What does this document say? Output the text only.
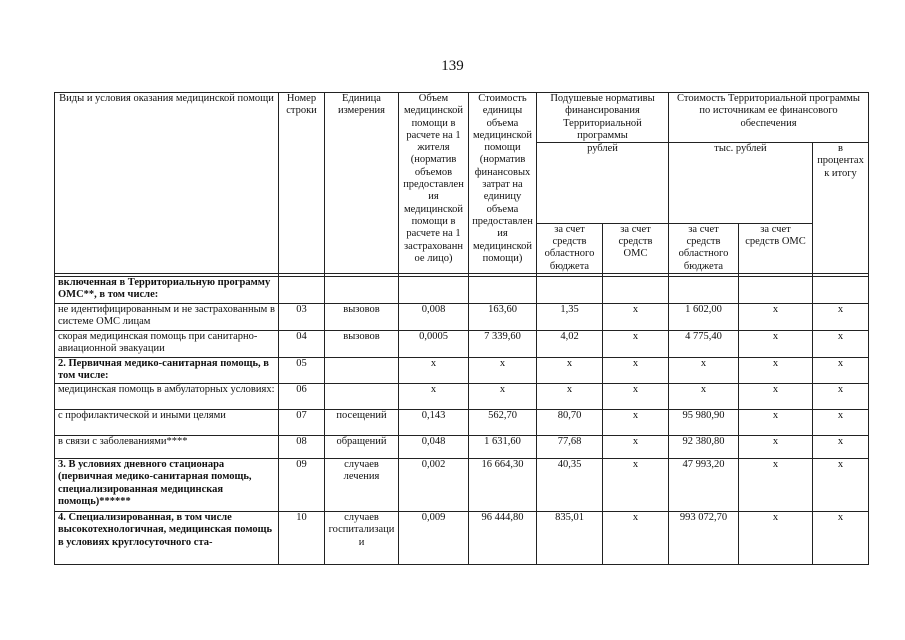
139
Виды и условия оказания медицинской помощи	Номер строки	Единица измерения	Объем медицинской помощи в расчете на 1 жителя (норматив объемов предоставления медицинской помощи в расчете на 1 застрахованное лицо)	Стоимость единицы объема медицинской помощи (норматив финансовых затрат на единицу объема предоставления медицинской помощи)	Подушевые нормативы финансирования Территориальной программы		Стоимость Территориальной программы по источникам ее финансового обеспечения		
					рублей		тыс. рублей		в процентах к итогу
					за счет средств областного бюджета	за счет средств ОМС	за счет средств областного бюджета	за счет средств ОМС	

включенная в Территориальную программу ОМС**, в том числе:									
не идентифицированным и не застрахованным в системе ОМС лицам	03	вызовов	0,008	163,60	1,35	х	1 602,00	х	х
скорая медицинская помощь при санитарно-авиационной эвакуации	04	вызовов	0,0005	7 339,60	4,02	х	4 775,40	х	х
2. Первичная медико-санитарная помощь, в том числе:	05		х	х	х	х	х	х	х
медицинская помощь в амбулаторных условиях:	06		х	х	х	х	х	х	х
с профилактической и иными целями	07	посещений	0,143	562,70	80,70	х	95 980,90	х	х
в связи с заболеваниями****	08	обращений	0,048	1 631,60	77,68	х	92 380,80	х	х
3. В условиях дневного стационара (первичная медико-санитарная помощь, специализированная медицинская помощь)******	09	случаев лечения	0,002	16 664,30	40,35	х	47 993,20	х	х
4. Специализированная, в том числе высокотехнологичная, медицинская помощь в условиях круглосуточного ста-	10	случаев госпитализации	0,009	96 444,80	835,01	х	993 072,70	х	х
